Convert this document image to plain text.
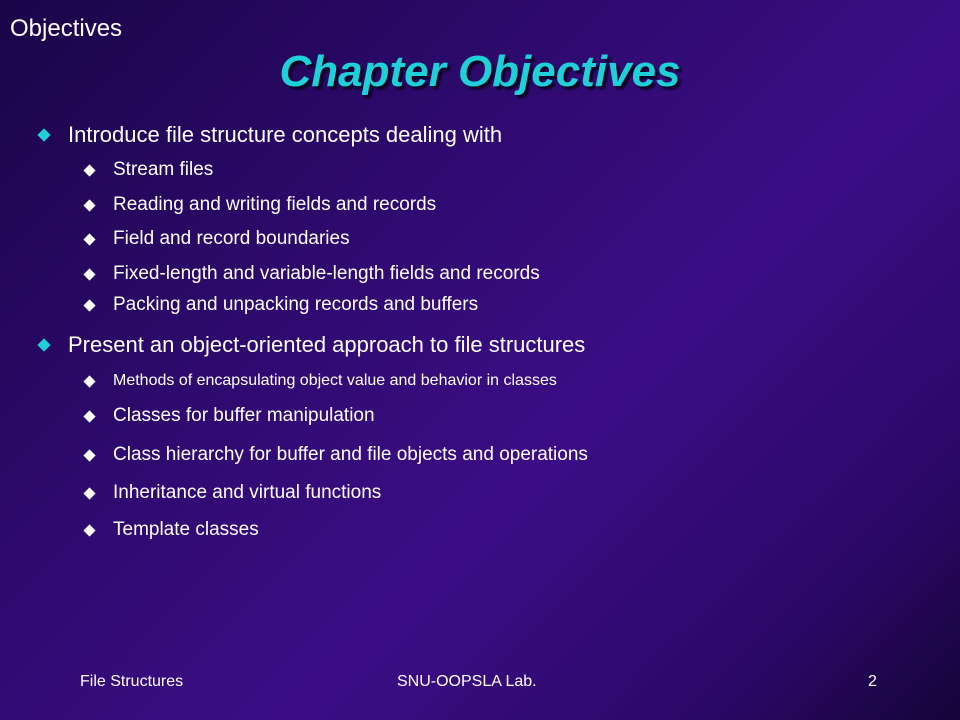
Objectives
Chapter Objectives
Introduce file structure concepts dealing with
Stream files
Reading and writing fields and records
Field and record boundaries
Fixed-length and variable-length fields and records
Packing and unpacking records and buffers
Present an object-oriented approach to file structures
Methods of encapsulating object value and behavior in classes
Classes for buffer manipulation
Class hierarchy for buffer and file objects and operations
Inheritance and virtual functions
Template classes
File Structures	SNU-OOPSLA Lab.	2
